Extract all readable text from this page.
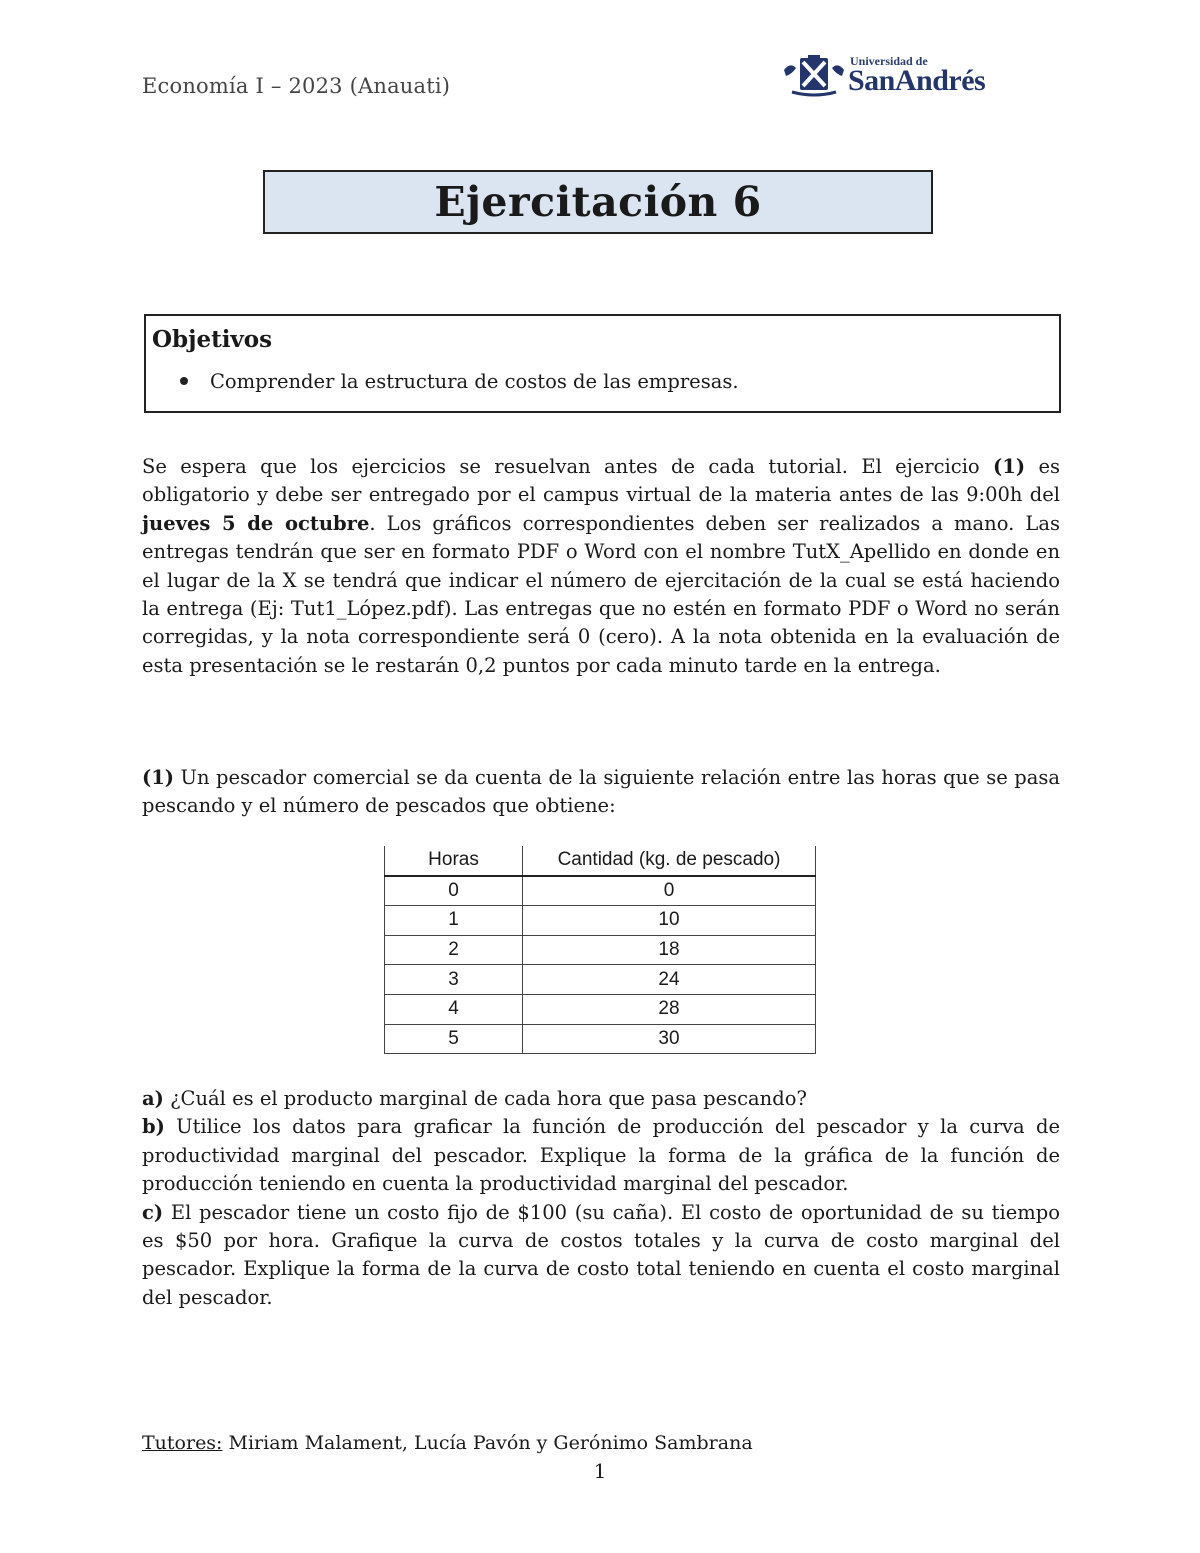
Economía I – 2023 (Anauati)
Universidad de
SanAndrés
Ejercitación 6
Objetivos
Comprender la estructura de costos de las empresas.

Se espera que los ejercicios se resuelvan antes de cada tutorial. El ejercicio (1) es obligatorio y debe ser entregado por el campus virtual de la materia antes de las 9:00h del jueves 5 de octubre. Los gráficos correspondientes deben ser realizados a mano. Las entregas tendrán que ser en formato PDF o Word con el nombre TutX_Apellido en donde en el lugar de la X se tendrá que indicar el número de ejercitación de la cual se está haciendo la entrega (Ej: Tut1_López.pdf). Las entregas que no estén en formato PDF o Word no serán corregidas, y la nota correspondiente será 0 (cero). A la nota obtenida en la evaluación de esta presentación se le restarán 0,2 puntos por cada minuto tarde en la entrega.

(1) Un pescador comercial se da cuenta de la siguiente relación entre las horas que se pasa pescando y el número de pescados que obtiene:

Horas	Cantidad (kg. de pescado)
0	0
1	10
2	18
3	24
4	28
5	30

a) ¿Cuál es el producto marginal de cada hora que pasa pescando?

b) Utilice los datos para graficar la función de producción del pescador y la curva de productividad marginal del pescador. Explique la forma de la gráfica de la función de producción teniendo en cuenta la productividad marginal del pescador.

c) El pescador tiene un costo fijo de $100 (su caña). El costo de oportunidad de su tiempo es $50 por hora. Grafique la curva de costos totales y la curva de costo marginal del pescador. Explique la forma de la curva de costo total teniendo en cuenta el costo marginal del pescador.

Tutores: Miriam Malament, Lucía Pavón y Gerónimo Sambrana
1
